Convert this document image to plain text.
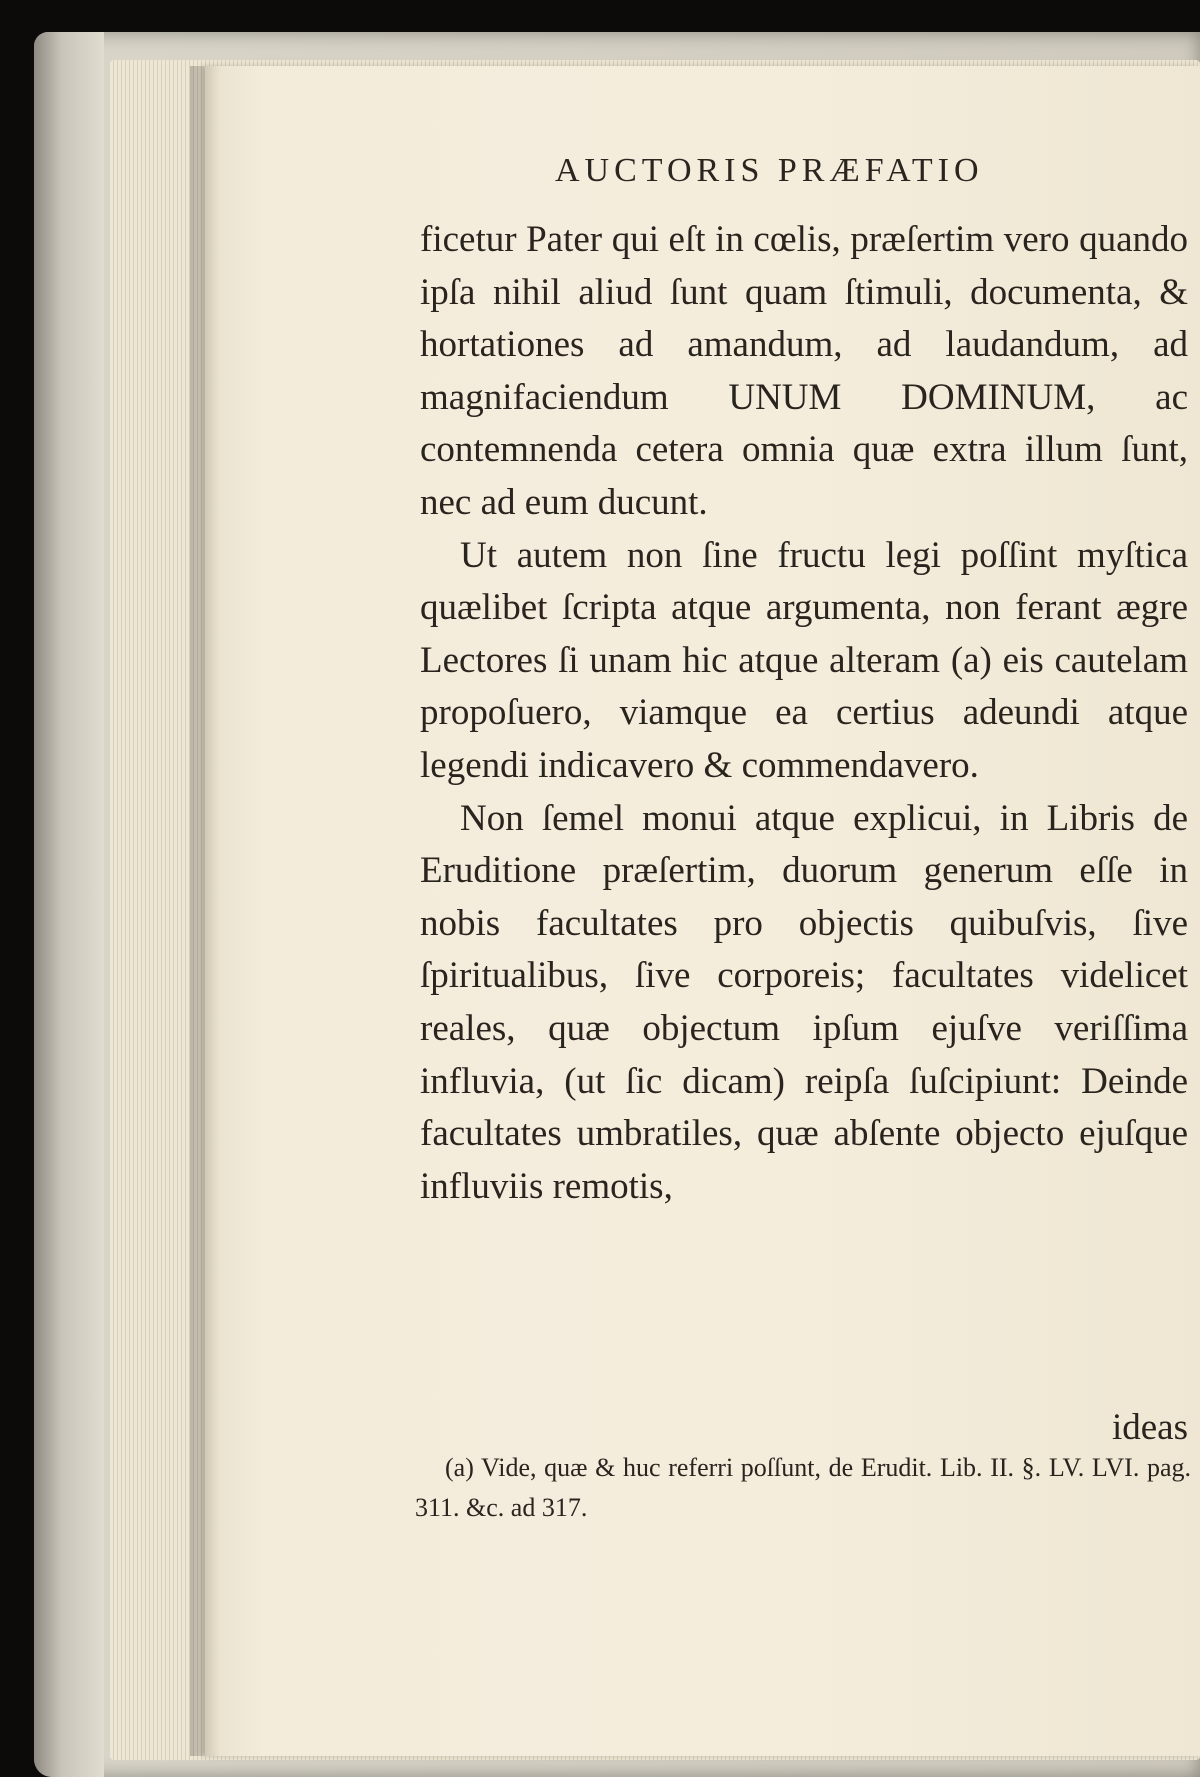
AUCTORIS PRÆFATIO

ficetur Pater qui eſt in cœlis, præſertim vero quando ipſa nihil aliud ſunt quam ſtimuli, documenta, & hortationes ad amandum, ad laudandum, ad magnifaciendum UNUM DOMINUM, ac contemnenda cetera omnia quæ extra illum ſunt, nec ad eum ducunt.

Ut autem non ſine fructu legi poſſint myſtica quælibet ſcripta atque argumenta, non ferant ægre Lectores ſi unam hic atque alteram (a) eis cautelam propoſuero, viamque ea certius adeundi atque legendi indicavero & commendavero.

Non ſemel monui atque explicui, in Libris de Eruditione præſertim, duorum generum eſſe in nobis facultates pro objectis quibuſvis, ſive ſpiritualibus, ſive corporeis; facultates videlicet reales, quæ objectum ipſum ejuſve veriſſima influvia, (ut ſic dicam) reipſa ſuſcipiunt: Deinde facultates umbratiles, quæ abſente objecto ejuſque influviis remotis,

ideas

(a) Vide, quæ & huc referri poſſunt, de Erudit. Lib. II. §. LV. LVI. pag. 311. &c. ad 317.
